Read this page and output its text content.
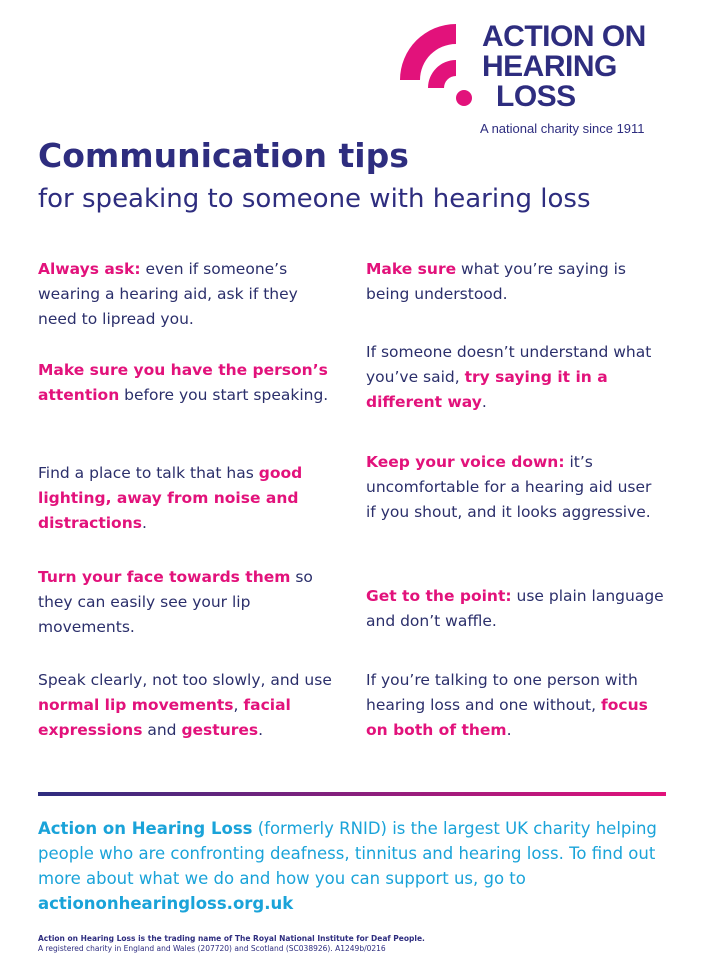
ACTION ON
HEARING
LOSS
A national charity since 1911
Communication tips
for speaking to someone with hearing loss

Always ask: even if someone’s wearing a hearing aid, ask if they need to lipread you.

Make sure you have the person’s attention before you start speaking.

Find a place to talk that has good lighting, away from noise and distractions.

Turn your face towards them so they can easily see your lip movements.

Speak clearly, not too slowly, and use normal lip movements, facial expressions and gestures.

Make sure what you’re saying is being understood.

If someone doesn’t understand what you’ve said, try saying it in a different way.

Keep your voice down: it’s uncomfortable for a hearing aid user if you shout, and it looks aggressive.

Get to the point: use plain language and don’t waffle.

If you’re talking to one person with hearing loss and one without, focus on both of them.

Action on Hearing Loss (formerly RNID) is the largest UK charity helping people who are confronting deafness, tinnitus and hearing loss. To find out more about what we do and how you can support us, go to actiononhearingloss.org.uk

Action on Hearing Loss is the trading name of The Royal National Institute for Deaf People.
A registered charity in England and Wales (207720) and Scotland (SC038926). A1249b/0216
